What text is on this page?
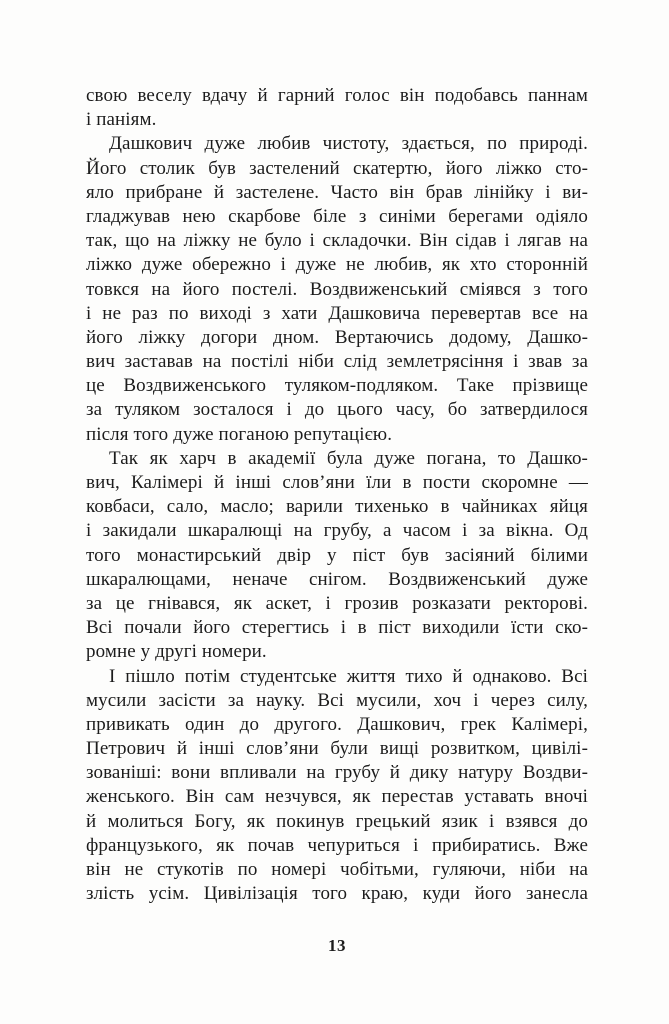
свою веселу вдачу й гарний голос він подобавсь паннам
і паніям.

Дашкович дуже любив чистоту, здається, по природі.
Його столик був застелений скатертю, його ліжко сто-
яло прибране й застелене. Часто він брав лінійку і ви-
гладжував нею скарбове біле з синіми берегами одіяло
так, що на ліжку не було і складочки. Він сідав і лягав на
ліжко дуже обережно і дуже не любив, як хто сторонній
товкся на його постелі. Воздвиженський сміявся з того
і не раз по виході з хати Дашковича перевертав все на
його ліжку догори дном. Вертаючись додому, Дашко-
вич заставав на постілі ніби слід землетрясіння і звав за
це Воздвиженського туляком-подляком. Таке прізвище
за туляком зосталося і до цього часу, бо затвердилося
після того дуже поганою репутацією.

Так як харч в академії була дуже погана, то Дашко-
вич, Калімері й інші слов’яни їли в пости скоромне —
ковбаси, сало, масло; варили тихенько в чайниках яйця
і закидали шкаралющі на грубу, а часом і за вікна. Од
того монастирський двір у піст був засіяний білими
шкаралющами, неначе снігом. Воздвиженський дуже
за це гнівався, як аскет, і грозив розказати ректорові.
Всі почали його стерегтись і в піст виходили їсти ско-
ромне у другі номери.

І пішло потім студентське життя тихо й однаково. Всі
мусили засісти за науку. Всі мусили, хоч і через силу,
привикать один до другого. Дашкович, грек Калімері,
Петрович й інші слов’яни були вищі розвитком, цивілі-
зованіші: вони впливали на грубу й дику натуру Воздви-
женського. Він сам незчувся, як перестав уставать вночі
й молиться Богу, як покинув грецький язик і взявся до
французького, як почав чепуриться і прибиратись. Вже
він не стукотів по номері чобітьми, гуляючи, ніби на
злість усім. Цивілізація того краю, куди його занесла

13
